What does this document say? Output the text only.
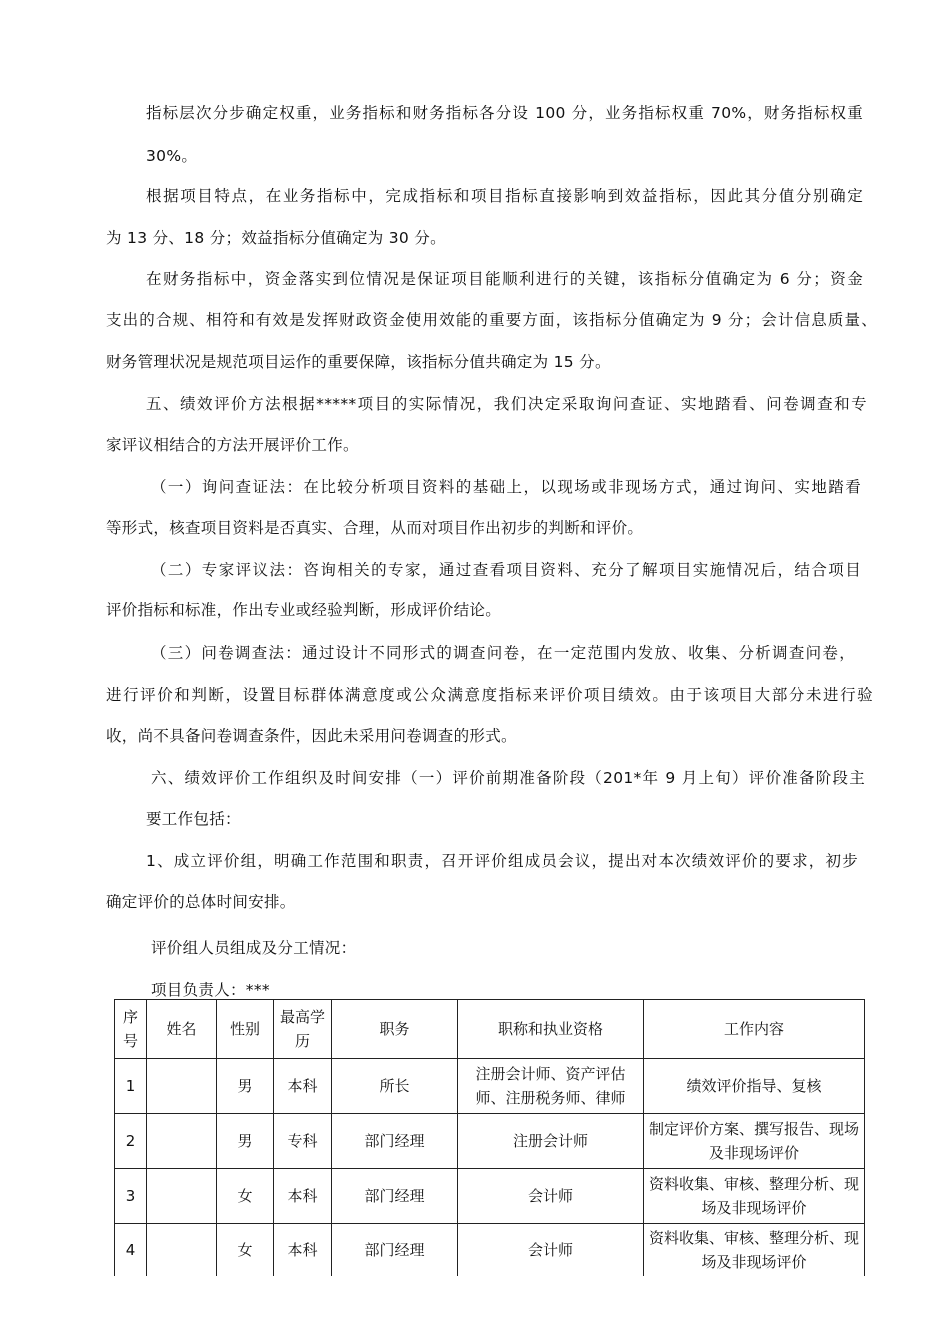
指标层次分步确定权重，业务指标和财务指标各分设 100 分，业务指标权重 70%，财务指标权重
30%。
根据项目特点，在业务指标中，完成指标和项目指标直接影响到效益指标，因此其分值分别确定
为 13 分、18 分；效益指标分值确定为 30 分。
在财务指标中，资金落实到位情况是保证项目能顺利进行的关键，该指标分值确定为 6 分；资金
支出的合规、相符和有效是发挥财政资金使用效能的重要方面，该指标分值确定为 9 分；会计信息质量、
财务管理状况是规范项目运作的重要保障，该指标分值共确定为 15 分。
五、绩效评价方法根据*****项目的实际情况，我们决定采取询问查证、实地踏看、问卷调查和专
家评议相结合的方法开展评价工作。
（一）询问查证法：在比较分析项目资料的基础上，以现场或非现场方式，通过询问、实地踏看
等形式，核查项目资料是否真实、合理，从而对项目作出初步的判断和评价。
（二）专家评议法：咨询相关的专家，通过查看项目资料、充分了解项目实施情况后，结合项目
评价指标和标准，作出专业或经验判断，形成评价结论。
（三）问卷调查法：通过设计不同形式的调查问卷，在一定范围内发放、收集、分析调查问卷，
进行评价和判断，设置目标群体满意度或公众满意度指标来评价项目绩效。由于该项目大部分未进行验
收，尚不具备问卷调查条件，因此未采用问卷调查的形式。
六、绩效评价工作组织及时间安排（一）评价前期准备阶段（201*年 9 月上旬）评价准备阶段主
要工作包括：
1、成立评价组，明确工作范围和职责，召开评价组成员会议，提出对本次绩效评价的要求，初步
确定评价的总体时间安排。
评价组人员组成及分工情况：
项目负责人：***
序号	姓名	性别	最高学历	职务	职称和执业资格	工作内容

1		男	本科	所长	注册会计师、资产评估师、注册税务师、律师	绩效评价指导、复核

2		男	专科	部门经理	注册会计师	制定评价方案、撰写报告、现场及非现场评价

3		女	本科	部门经理	会计师	资料收集、审核、整理分析、现场及非现场评价

4		女	本科	部门经理	会计师	资料收集、审核、整理分析、现场及非现场评价
